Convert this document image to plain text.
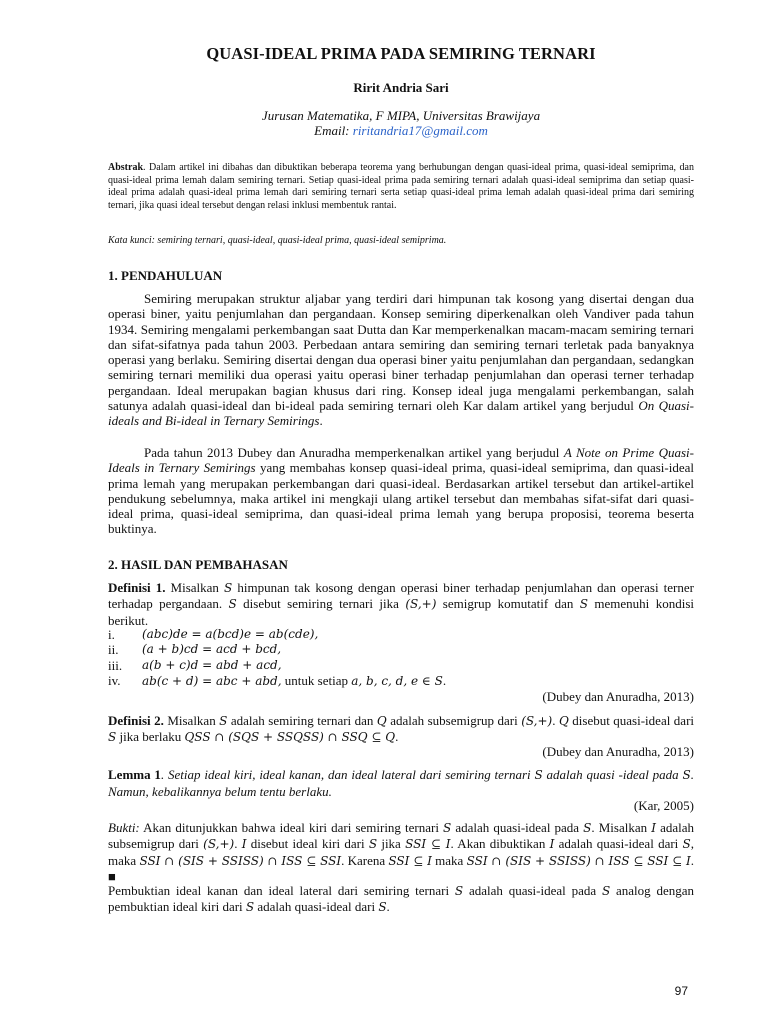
QUASI-IDEAL PRIMA PADA SEMIRING TERNARI
Ririt Andria Sari
Jurusan Matematika, F MIPA, Universitas Brawijaya
Email: riritandria17@gmail.com
Abstrak. Dalam artikel ini dibahas dan dibuktikan beberapa teorema yang berhubungan dengan quasi-ideal prima, quasi-ideal semiprima, dan quasi-ideal prima lemah dalam semiring ternari. Setiap quasi-ideal prima pada semiring ternari adalah quasi-ideal semiprima dan setiap quasi-ideal prima adalah quasi-ideal prima lemah dari semiring ternari serta setiap quasi-ideal prima lemah adalah quasi-ideal prima dari semiring ternari, jika quasi ideal tersebut dengan relasi inklusi membentuk rantai.
Kata kunci: semiring ternari, quasi-ideal, quasi-ideal prima, quasi-ideal semiprima.
1. PENDAHULUAN
Semiring merupakan struktur aljabar yang terdiri dari himpunan tak kosong yang disertai dengan dua operasi biner, yaitu penjumlahan dan pergandaan. Konsep semiring diperkenalkan oleh Vandiver pada tahun 1934. Semiring mengalami perkembangan saat Dutta dan Kar memperkenalkan macam-macam semiring ternari dan sifat-sifatnya pada tahun 2003. Perbedaan antara semiring dan semiring ternari terletak pada banyaknya operasi yang berlaku. Semiring disertai dengan dua operasi biner yaitu penjumlahan dan pergandaan, sedangkan semiring ternari memiliki dua operasi yaitu operasi biner terhadap penjumlahan dan operasi terner terhadap pergandaan. Ideal merupakan bagian khusus dari ring. Konsep ideal juga mengalami perkembangan, salah satunya adalah quasi-ideal dan bi-ideal pada semiring ternari oleh Kar dalam artikel yang berjudul On Quasi-ideals and Bi-ideal in Ternary Semirings.
Pada tahun 2013 Dubey dan Anuradha memperkenalkan artikel yang berjudul A Note on Prime Quasi-Ideals in Ternary Semirings yang membahas konsep quasi-ideal prima, quasi-ideal semiprima, dan quasi-ideal prima lemah yang merupakan perkembangan dari quasi-ideal. Berdasarkan artikel tersebut dan artikel-artikel pendukung sebelumnya, maka artikel ini mengkaji ulang artikel tersebut dan membahas sifat-sifat dari quasi-ideal prima, quasi-ideal semiprima, dan quasi-ideal prima lemah yang berupa proposisi, teorema beserta buktinya.
2. HASIL DAN PEMBAHASAN
Definisi 1. Misalkan S himpunan tak kosong dengan operasi biner terhadap penjumlahan dan operasi terner terhadap pergandaan. S disebut semiring ternari jika (S,+) semigrup komutatif dan S memenuhi kondisi berikut.
i.	(abc)de = a(bcd)e = ab(cde),
ii.	(a + b)cd = acd + bcd,
iii.	a(b + c)d = abd + acd,
iv.	ab(c + d) = abc + abd, untuk setiap a, b, c, d, e ∈ S.
(Dubey dan Anuradha, 2013)
Definisi 2. Misalkan S adalah semiring ternari dan Q adalah subsemigrup dari (S,+). Q disebut quasi-ideal dari S jika berlaku QSS ∩ (SQS + SSQSS) ∩ SSQ ⊆ Q.
(Dubey dan Anuradha, 2013)
Lemma 1. Setiap ideal kiri, ideal kanan, dan ideal lateral dari semiring ternari S adalah quasi -ideal pada S. Namun, kebalikannya belum tentu berlaku.
(Kar, 2005)
Bukti: Akan ditunjukkan bahwa ideal kiri dari semiring ternari S adalah quasi-ideal pada S. Misalkan I adalah subsemigrup dari (S,+). I disebut ideal kiri dari S jika SSI ⊆ I. Akan dibuktikan I adalah quasi-ideal dari S, maka SSI ∩ (SIS + SSISS) ∩ ISS ⊆ SSI. Karena SSI ⊆ I maka SSI ∩ (SIS + SSISS) ∩ ISS ⊆ SSI ⊆ I. ■
Pembuktian ideal kanan dan ideal lateral dari semiring ternari S adalah quasi-ideal pada S analog dengan pembuktian ideal kiri dari S adalah quasi-ideal dari S.
97
